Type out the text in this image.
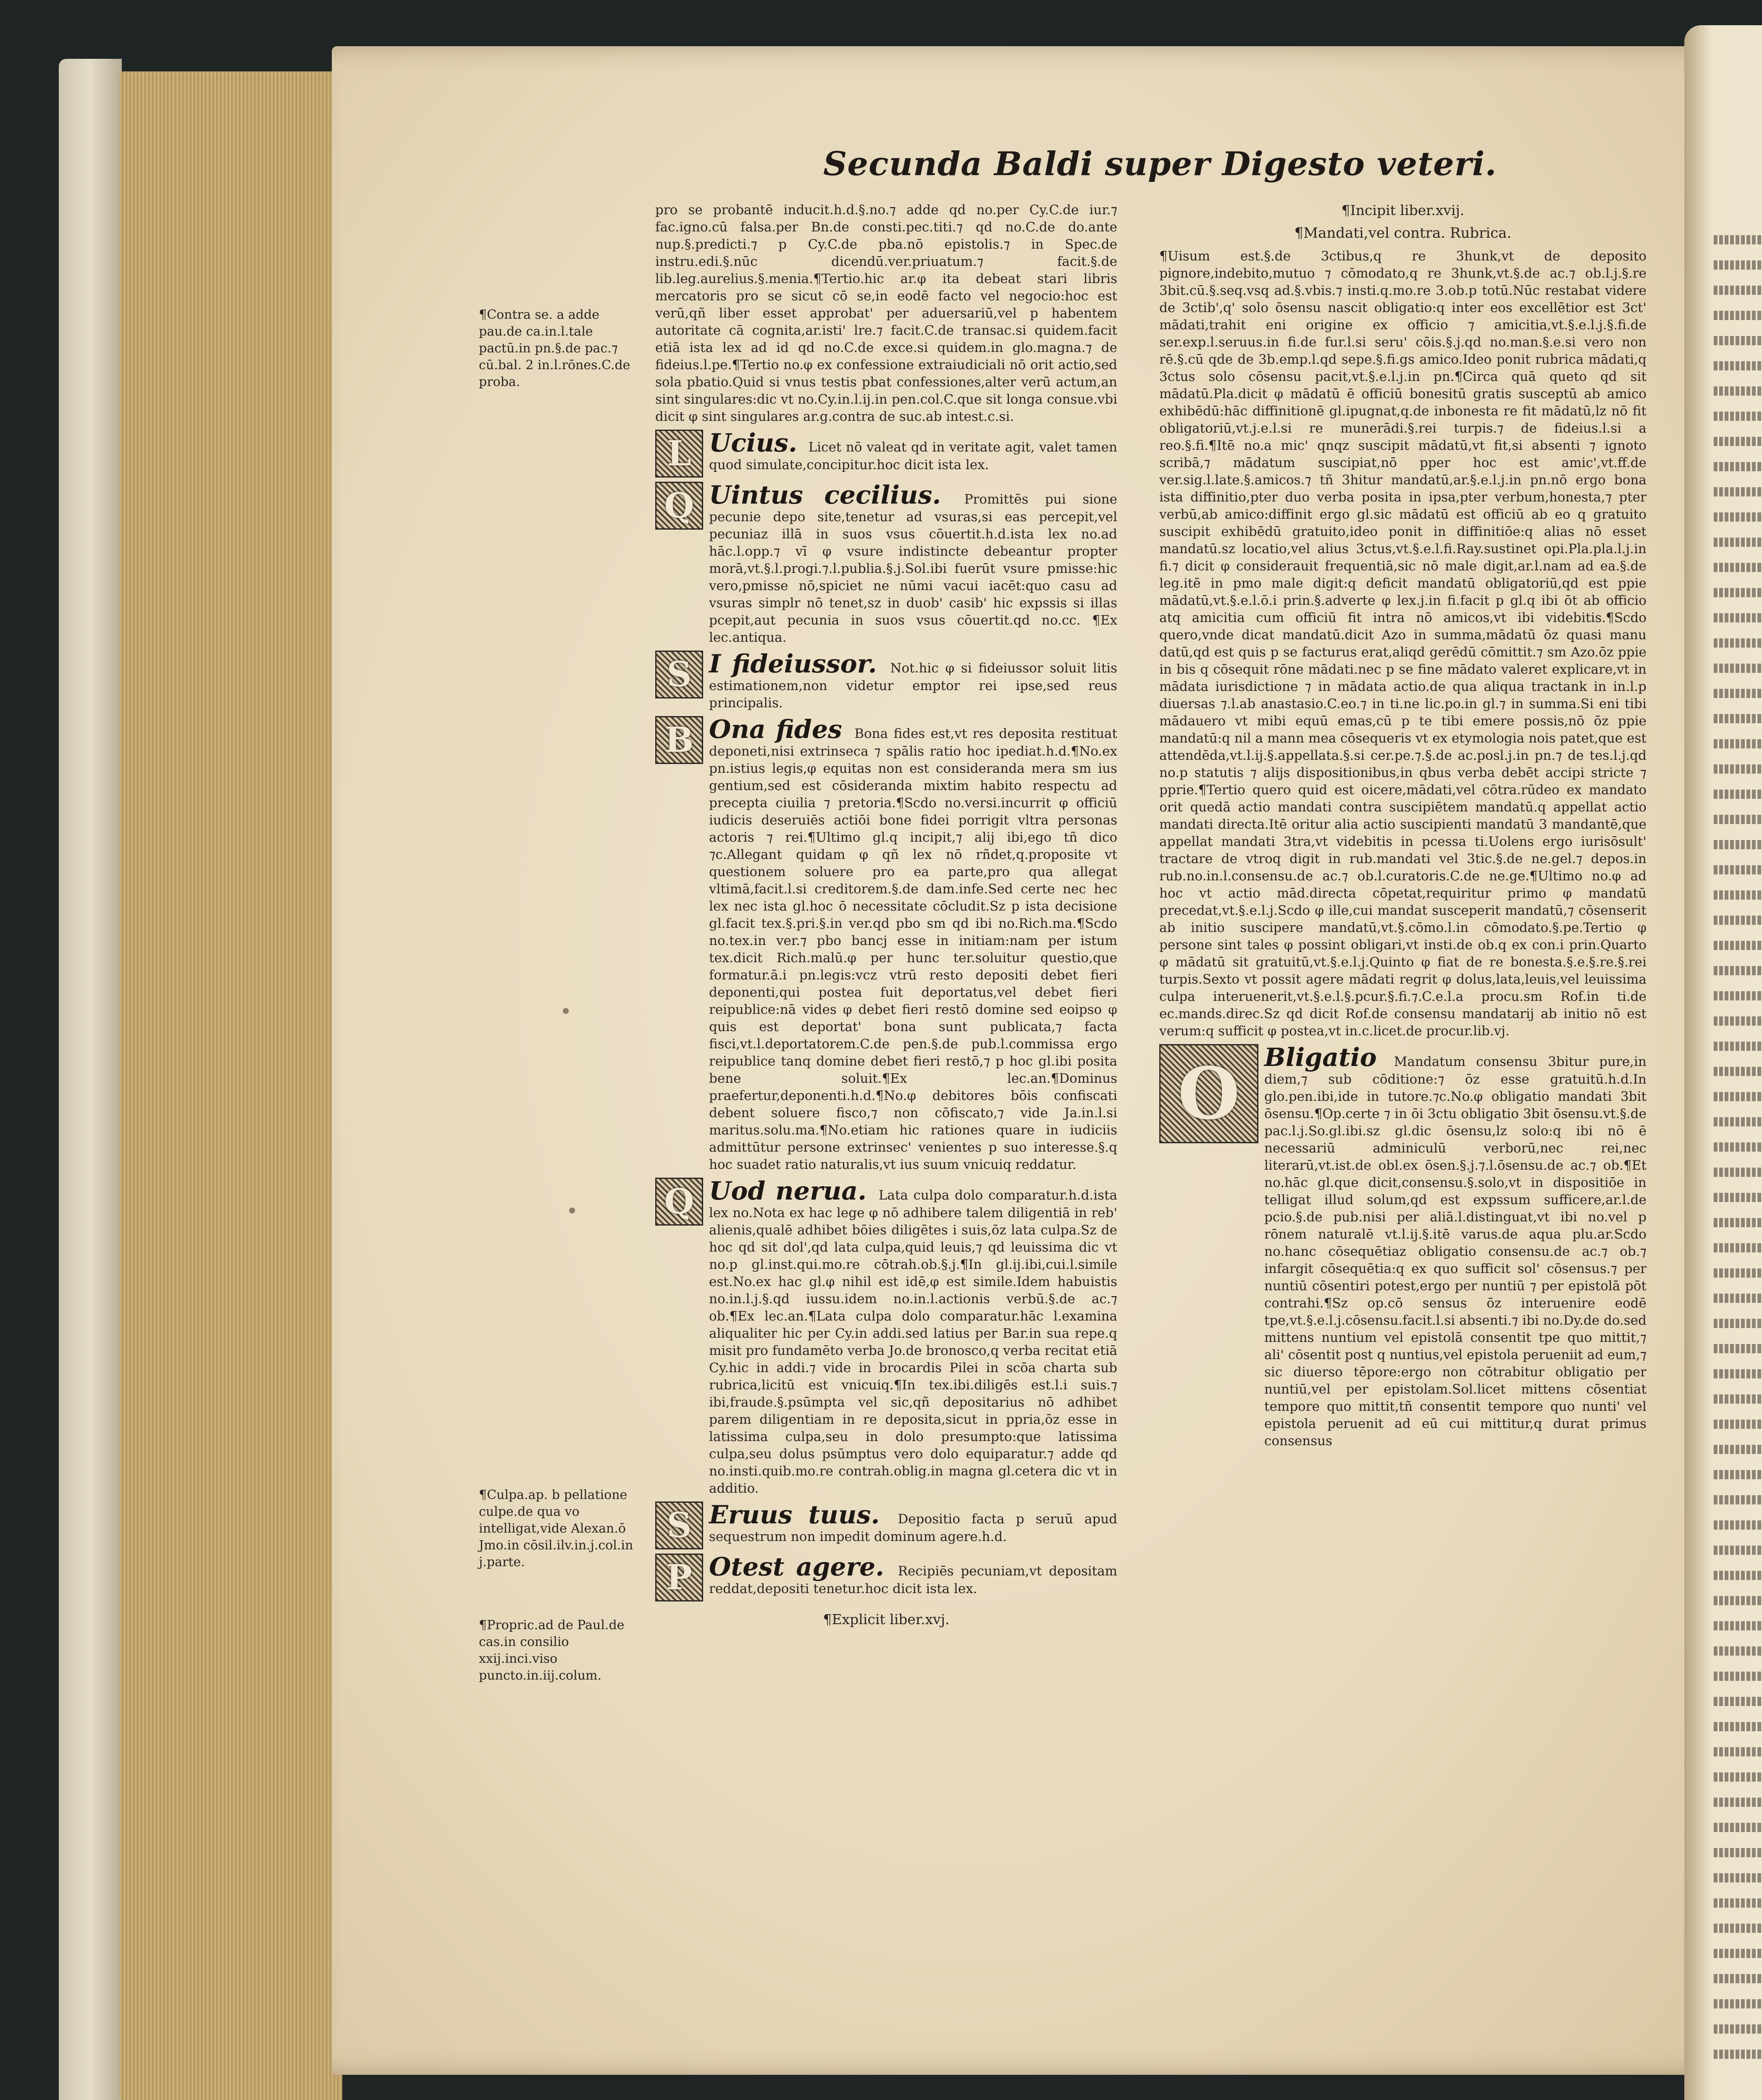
Secunda Baldi super Digesto veteri.
¶Contra se. a adde pau.de ca.in.l.tale pactū.in pn.§.de pac.⁊ cū.bal. 2 in.l.rōnes.C.de proba.
¶Culpa.ap. b pellatione culpe.de qua vo intelligat,vide Alexan.ō Jmo.in cōsil.ilv.in.j.col.in j.parte.
¶Propric.ad de Paul.de cas.in consilio xxij.inci.viso puncto.in.iij.colum.

pro se probantē inducit.h.d.§.no.⁊ adde qd no.per Cy.C.de iur.⁊ fac.igno.cū falsa.per Bn.de consti.pec.titi.⁊ qd no.C.de do.ante nup.§.predicti.⁊ p Cy.C.de pba.nō epistolis.⁊ in Spec.de instru.edi.§.nūc dicendū.ver.priuatum.⁊ facit.§.de lib.leg.aurelius.§.menia.¶Tertio.hic ar.φ ita debeat stari libris mercatoris pro se sicut cō se,in eodē facto vel negocio:hoc est verū,qñ liber esset approbat' per aduersariū,vel p habentem autoritate cā cognita,ar.isti' lre.⁊ facit.C.de transac.si quidem.facit etiā ista lex ad id qd no.C.de exce.si quidem.in glo.magna.⁊ de fideius.l.pe.¶Tertio no.φ ex confessione extraiudiciali nō orit actio,sed sola pbatio.Quid si vnus testis pbat confessiones,alter verū actum,an sint singulares:dic vt no.Cy.in.l.ij.in pen.col.C.que sit longa consue.vbi dicit φ sint singulares ar.g.contra de suc.ab intest.c.si.

L Ucius. Licet nō valeat qd in veritate agit, valet tamen quod simulate,concipitur.hoc dicit ista lex.
Q Uintus cecilius. Promittēs pui sione pecunie depo site,tenetur ad vsuras,si eas percepit,vel pecuniaz illā in suos vsus cōuertit.h.d.ista lex no.ad hāc.l.opp.⁊ vī φ vsure indistincte debeantur propter morā,vt.§.l.progi.⁊.l.publia.§.j.Sol.ibi fuerūt vsure pmisse:hic vero,pmisse nō,spiciet ne nūmi vacui iacēt:quo casu ad vsuras simplr nō tenet,sz in duob' casib' hic expssis si illas pcepit,aut pecunia in suos vsus cōuertit.qd no.cc. ¶Ex lec.antiqua.
S I fideiussor. Not.hic φ si fideiussor soluit litis estimationem,non videtur emptor rei ipse,sed reus principalis.
B Ona fides Bona fides est,vt res deposita restituat deponeti,nisi extrinseca ⁊ spālis ratio hoc ipediat.h.d.¶No.ex pn.istius legis,φ equitas non est consideranda mera sm ius gentium,sed est cōsideranda mixtim habito respectu ad precepta ciuilia ⁊ pretoria.¶Scdo no.versi.incurrit φ officiū iudicis deseruiēs actiōi bone fidei porrigit vltra personas actoris ⁊ rei.¶Ultimo gl.q incipit,⁊ alij ibi,ego tñ dico ⁊c.Allegant quidam φ qñ lex nō rñdet,q.proposite vt questionem soluere pro ea parte,pro qua allegat vltimā,facit.l.si creditorem.§.de dam.infe.Sed certe nec hec lex nec ista gl.hoc ō necessitate cōcludit.Sz p ista decisione gl.facit tex.§.pri.§.in ver.qd pbo sm qd ibi no.Rich.ma.¶Scdo no.tex.in ver.⁊ pbo bancj esse in initiam:nam per istum tex.dicit Rich.malū.φ per hunc ter.soluitur questio,que formatur.ā.i pn.legis:vcz vtrū resto depositi debet fieri deponenti,qui postea fuit deportatus,vel debet fieri reipublice:nā vides φ debet fieri restō domine sed eoipso φ quis est deportat' bona sunt publicata,⁊ facta fisci,vt.l.deportatorem.C.de pen.§.de pub.l.commissa ergo reipublice tanq domine debet fieri restō,⁊ p hoc gl.ibi posita bene soluit.¶Ex lec.an.¶Dominus praefertur,deponenti.h.d.¶No.φ debitores bōis confiscati debent soluere fisco,⁊ non cōfiscato,⁊ vide Ja.in.l.si maritus.solu.ma.¶No.etiam hic rationes quare in iudiciis admittūtur persone extrinsec' venientes p suo interesse.§.q hoc suadet ratio naturalis,vt ius suum vnicuiq reddatur.
Q Uod nerua. Lata culpa dolo comparatur.h.d.ista lex no.Nota ex hac lege φ nō adhibere talem diligentiā in reb' alienis,qualē adhibet bōies diligētes i suis,ōz lata culpa.Sz de hoc qd sit dol',qd lata culpa,quid leuis,⁊ qd leuissima dic vt no.p gl.inst.qui.mo.re cōtrah.ob.§.j.¶In gl.ij.ibi,cui.l.simile est.No.ex hac gl.φ nihil est idē,φ est simile.Idem habuistis no.in.l.j.§.qd iussu.idem no.in.l.actionis verbū.§.de ac.⁊ ob.¶Ex lec.an.¶Lata culpa dolo comparatur.hāc l.examina aliqualiter hic per Cy.in addi.sed latius per Bar.in sua repe.q misit pro fundamēto verba Jo.de bronosco,q verba recitat etiā Cy.hic in addi.⁊ vide in brocardis Pilei in scōa charta sub rubrica,licitū est vnicuiq.¶In tex.ibi.diligēs est.l.i suis.⁊ ibi,fraude.§.psūmpta vel sic,qñ depositarius nō adhibet parem diligentiam in re deposita,sicut in ppria,ōz esse in latissima culpa,seu in dolo presumpto:que latissima culpa,seu dolus psūmptus vero dolo equiparatur.⁊ adde qd no.insti.quib.mo.re contrah.oblig.in magna gl.cetera dic vt in additio.
S Eruus tuus. Depositio facta p seruū apud sequestrum non impedit dominum agere.h.d.
P Otest agere. Recipiēs pecuniam,vt depositam reddat,depositi tenetur.hoc dicit ista lex.

¶Explicit liber.xvj.

¶Incipit liber.xvij.

¶Mandati,vel contra. Rubrica.

¶Uisum est.§.de 3ctibus,q re 3hunk,vt de deposito pignore,indebito,mutuo ⁊ cōmodato,q re 3hunk,vt.§.de ac.⁊ ob.l.j.§.re 3bit.cū.§.seq.vsq ad.§.vbis.⁊ insti.q.mo.re 3.ob.p totū.Nūc restabat videre de 3ctib',q' solo ōsensu nascit obligatio:q inter eos excellētior est 3ct' mādati,trahit eni origine ex officio ⁊ amicitia,vt.§.e.l.j.§.fi.de ser.exp.l.seruus.in fi.de fur.l.si seru' cōis.§.j.qd no.man.§.e.si vero non rē.§.cū qde de 3b.emp.l.qd sepe.§.fi.gs amico.Ideo ponit rubrica mādati,q 3ctus solo cōsensu pacit,vt.§.e.l.j.in pn.¶Circa quā queto qd sit mādatū.Pla.dicit φ mādatū ē officiū bonesitū gratis susceptū ab amico exhibēdū:hāc diffinitionē gl.ipugnat,q.de inbonesta re fit mādatū,lz nō fit obligatoriū,vt.j.e.l.si re munerādi.§.rei turpis.⁊ de fideius.l.si a reo.§.fi.¶Itē no.a mic' qnqz suscipit mādatū,vt fit,si absenti ⁊ ignoto scribā,⁊ mādatum suscipiat,nō pper hoc est amic',vt.ff.de ver.sig.l.late.§.amicos.⁊ tñ 3hitur mandatū,ar.§.e.l.j.in pn.nō ergo bona ista diffinitio,pter duo verba posita in ipsa,pter verbum,honesta,⁊ pter verbū,ab amico:diffinit ergo gl.sic mādatū est officiū ab eo q gratuito suscipit exhibēdū gratuito,ideo ponit in diffinitiōe:q alias nō esset mandatū.sz locatio,vel alius 3ctus,vt.§.e.l.fi.Ray.sustinet opi.Pla.pla.l.j.in fi.⁊ dicit φ considerauit frequentiā,sic nō male digit,ar.l.nam ad ea.§.de leg.itē in pmo male digit:q deficit mandatū obligatoriū,qd est ppie mādatū,vt.§.e.l.ō.i prin.§.adverte φ lex.j.in fi.facit p gl.q ibi ōt ab officio atq amicitia cum officiū fit intra nō amicos,vt ibi videbitis.¶Scdo quero,vnde dicat mandatū.dicit Azo in summa,mādatū ōz quasi manu datū,qd est quis p se facturus erat,aliqd gerēdū cōmittit.⁊ sm Azo.ōz ppie in bis q cōsequit rōne mādati.nec p se fine mādato valeret explicare,vt in mādata iurisdictione ⁊ in mādata actio.de qua aliqua tractank in in.l.p diuersas ⁊.l.ab anastasio.C.eo.⁊ in ti.ne lic.po.in gl.⁊ in summa.Si eni tibi mādauero vt mibi equū emas,cū p te tibi emere possis,nō ōz ppie mandatū:q nil a mann mea cōsequeris vt ex etymologia nois patet,que est attendēda,vt.l.ij.§.appellata.§.si cer.pe.⁊.§.de ac.posl.j.in pn.⁊ de tes.l.j.qd no.p statutis ⁊ alijs dispositionibus,in qbus verba debēt accipi stricte ⁊ pprie.¶Tertio quero quid est oicere,mādati,vel cōtra.rūdeo ex mandato orit quedā actio mandati contra suscipiētem mandatū.q appellat actio mandati directa.Itē oritur alia actio suscipienti mandatū 3 mandantē,que appellat mandati 3tra,vt videbitis in pcessa ti.Uolens ergo iurisōsult' tractare de vtroq digit in rub.mandati vel 3tic.§.de ne.gel.⁊ depos.in rub.no.in.l.consensu.de ac.⁊ ob.l.curatoris.C.de ne.ge.¶Ultimo no.φ ad hoc vt actio mād.directa cōpetat,requiritur primo φ mandatū precedat,vt.§.e.l.j.Scdo φ ille,cui mandat susceperit mandatū,⁊ cōsenserit ab initio suscipere mandatū,vt.§.cōmo.l.in cōmodato.§.pe.Tertio φ persone sint tales φ possint obligari,vt insti.de ob.q ex con.i prin.Quarto φ mādatū sit gratuitū,vt.§.e.l.j.Quinto φ fiat de re bonesta.§.e.§.re.§.rei turpis.Sexto vt possit agere mādati regrit φ dolus,lata,leuis,vel leuissima culpa interuenerit,vt.§.e.l.§.pcur.§.fi.⁊.C.e.l.a procu.sm Rof.in ti.de ec.mands.direc.Sz qd dicit Rof.de consensu mandatarij ab initio nō est verum:q sufficit φ postea,vt in.c.licet.de procur.lib.vj.

O Bligatio Mandatum consensu 3bitur pure,in diem,⁊ sub cōditione:⁊ ōz esse gratuitū.h.d.In glo.pen.ibi,ide in tutore.⁊c.No.φ obligatio mandati 3bit ōsensu.¶Op.certe ⁊ in ōi 3ctu obligatio 3bit ōsensu.vt.§.de pac.l.j.So.gl.ibi.sz gl.dic ōsensu,lz solo:q ibi nō ē necessariū adminiculū verborū,nec rei,nec literarū,vt.ist.de obl.ex ōsen.§.j.⁊.l.ōsensu.de ac.⁊ ob.¶Et no.hāc gl.que dicit,consensu.§.solo,vt in dispositiōe in telligat illud solum,qd est expssum sufficere,ar.l.de pcio.§.de pub.nisi per aliā.l.distinguat,vt ibi no.vel p rōnem naturalē vt.l.ij.§.itē varus.de aqua plu.ar.Scdo no.hanc cōsequētiaz obligatio consensu.de ac.⁊ ob.⁊ infargit cōsequētia:q ex quo sufficit sol' cōsensus.⁊ per nuntiū cōsentiri potest,ergo per nuntiū ⁊ per epistolā pōt contrahi.¶Sz op.cō sensus ōz interuenire eodē tpe,vt.§.e.l.j.cōsensu.facit.l.si absenti.⁊ ibi no.Dy.de do.sed mittens nuntium vel epistolā consentit tpe quo mittit,⁊ ali' cōsentit post q nuntius,vel epistola perueniit ad eum,⁊ sic diuerso tēpore:ergo non cōtrabitur obligatio per nuntiū,vel per epistolam.Sol.licet mittens cōsentiat tempore quo mittit,tñ consentit tempore quo nunti' vel epistola peruenit ad eū cui mittitur,q durat primus consensus
